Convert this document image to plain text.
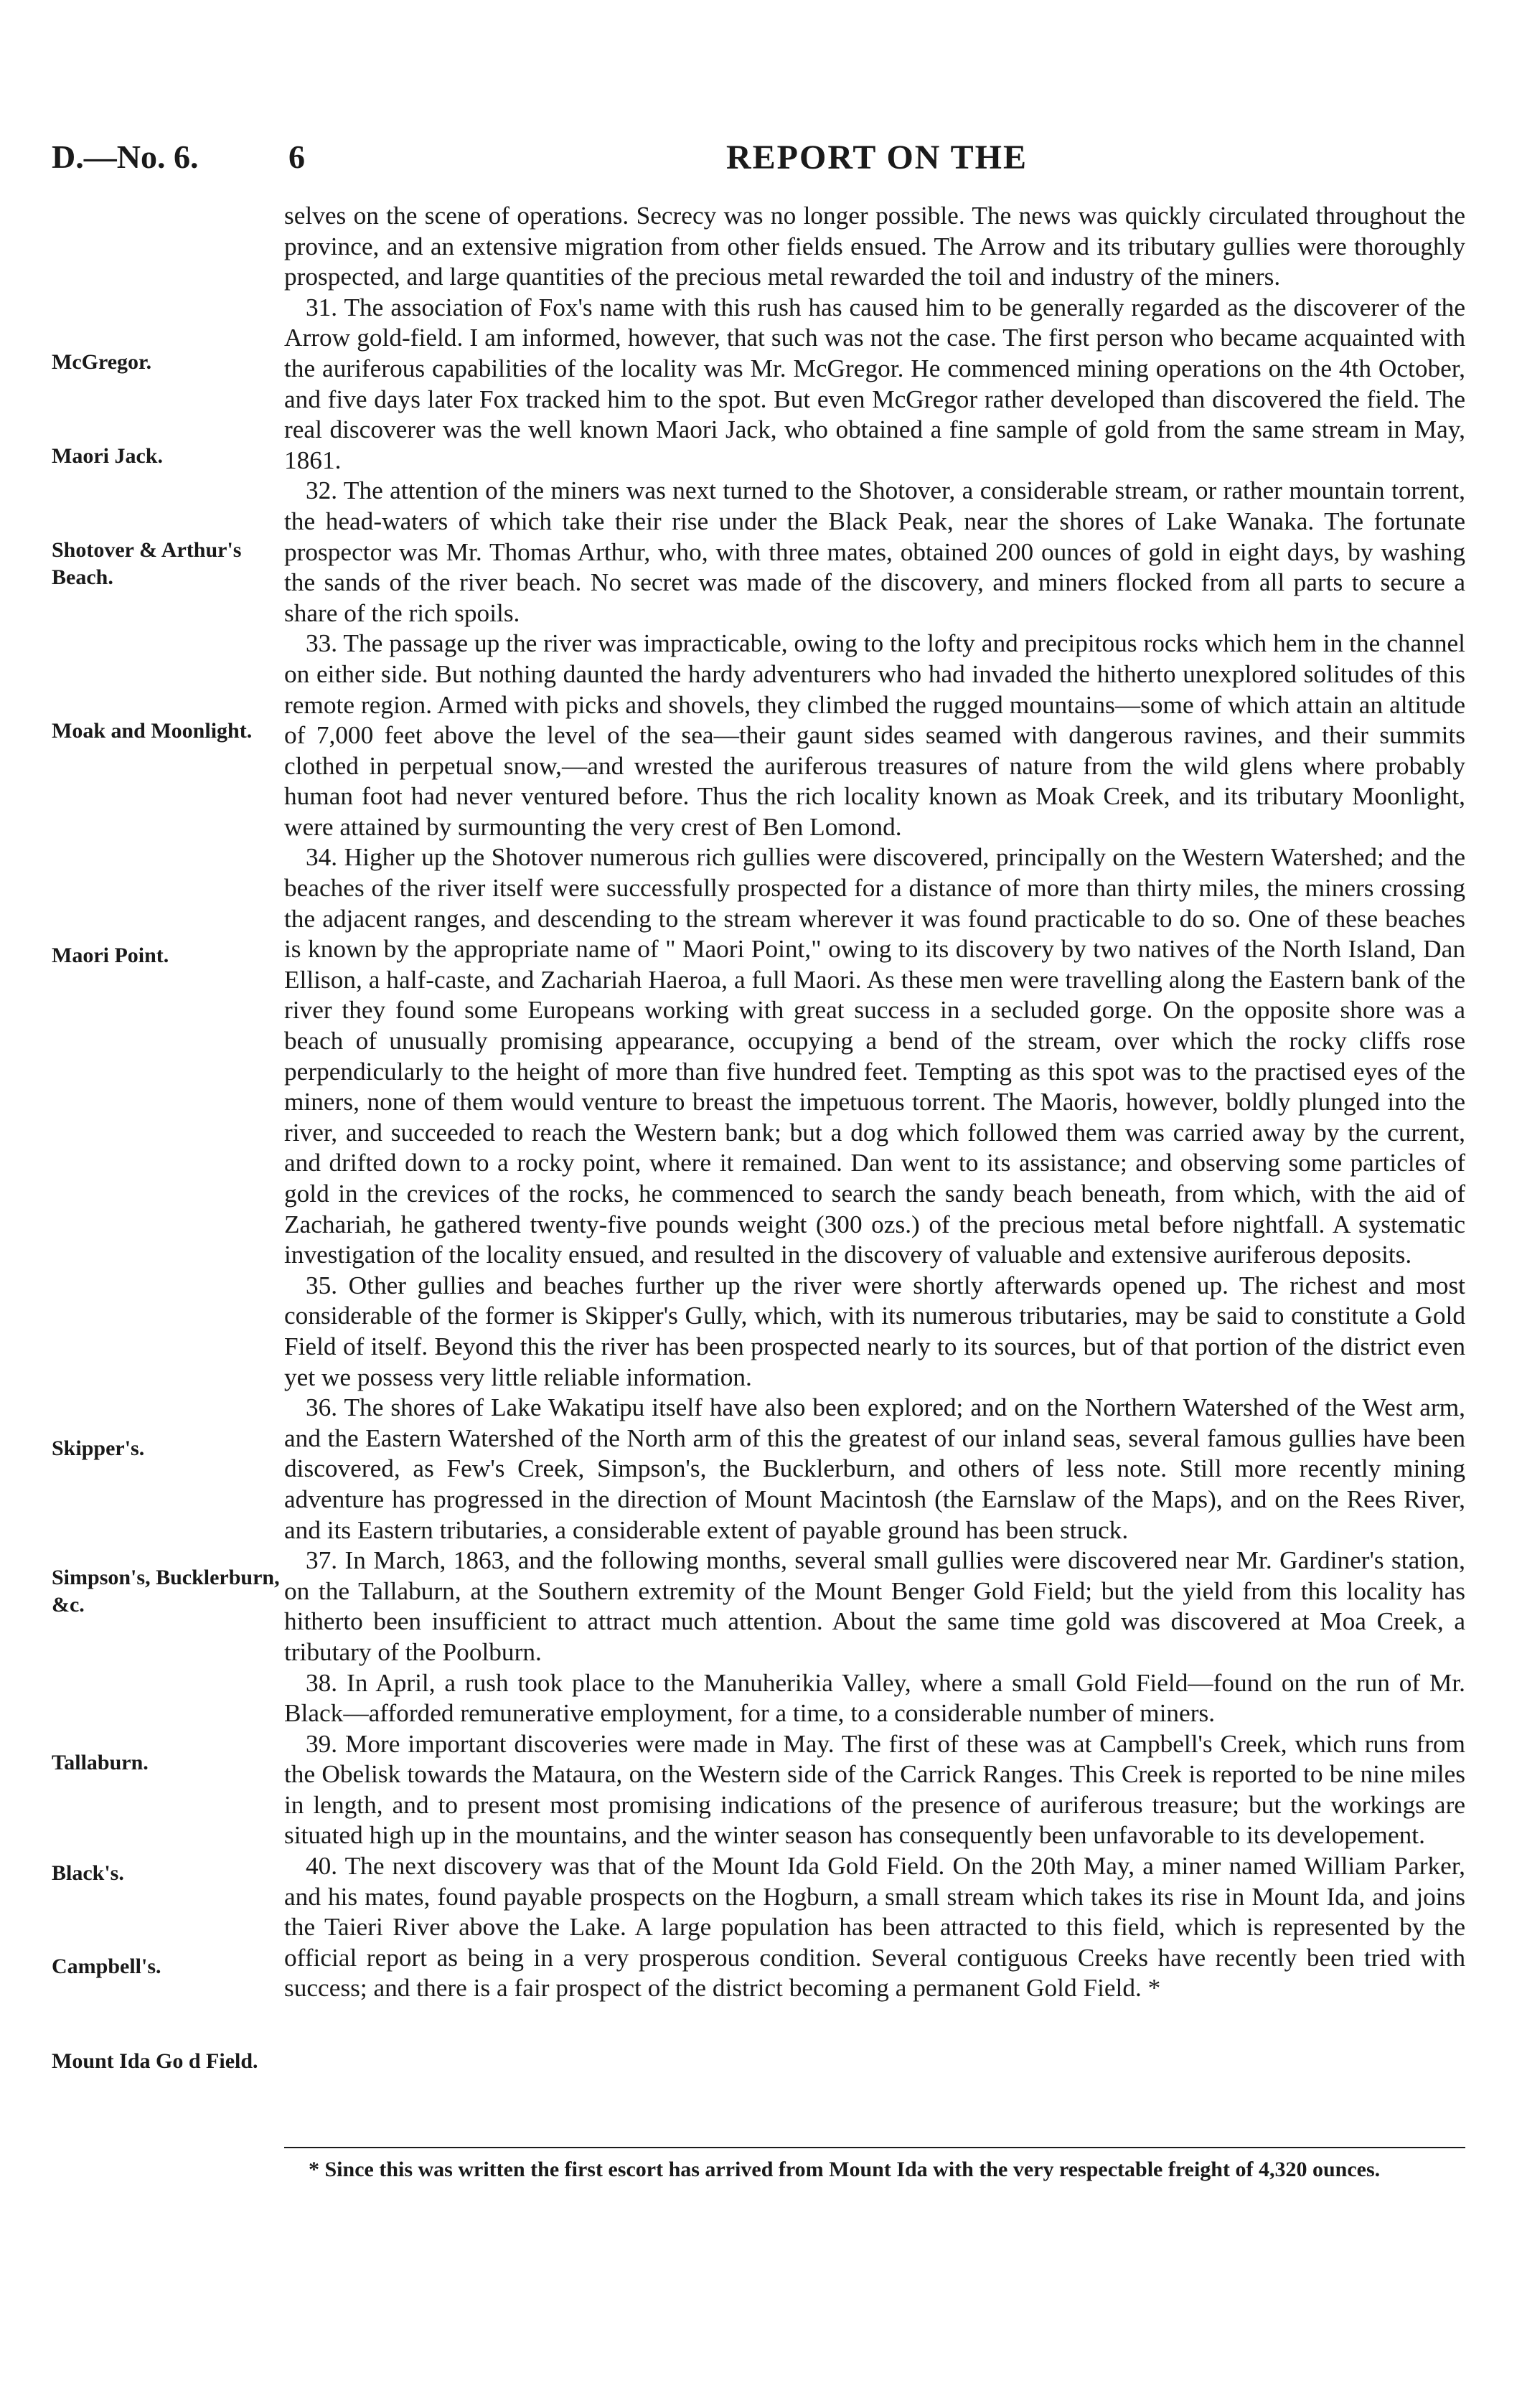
D.—No. 6.	6	REPORT ON THE
McGregor.
Maori Jack.
Shotover & Arthur's Beach.
Moak and Moonlight.
Maori Point.
Skipper's.
Simpson's, Bucklerburn, &c.
Tallaburn.
Black's.
Campbell's.
Mount Ida Go d Field.

selves on the scene of operations. Secrecy was no longer possible. The news was quickly circulated throughout the province, and an extensive migration from other fields ensued. The Arrow and its tributary gullies were thoroughly prospected, and large quantities of the precious metal rewarded the toil and industry of the miners.

31. The association of Fox's name with this rush has caused him to be generally regarded as the discoverer of the Arrow gold-field. I am informed, however, that such was not the case. The first person who became acquainted with the auriferous capabilities of the locality was Mr. McGregor. He commenced mining operations on the 4th October, and five days later Fox tracked him to the spot. But even McGregor rather developed than discovered the field. The real discoverer was the well known Maori Jack, who obtained a fine sample of gold from the same stream in May, 1861.

32. The attention of the miners was next turned to the Shotover, a considerable stream, or rather mountain torrent, the head-waters of which take their rise under the Black Peak, near the shores of Lake Wanaka. The fortunate prospector was Mr. Thomas Arthur, who, with three mates, obtained 200 ounces of gold in eight days, by washing the sands of the river beach. No secret was made of the discovery, and miners flocked from all parts to secure a share of the rich spoils.

33. The passage up the river was impracticable, owing to the lofty and precipitous rocks which hem in the channel on either side. But nothing daunted the hardy adventurers who had invaded the hitherto unexplored solitudes of this remote region. Armed with picks and shovels, they climbed the rugged mountains—some of which attain an altitude of 7,000 feet above the level of the sea—their gaunt sides seamed with dangerous ravines, and their summits clothed in perpetual snow,—and wrested the auriferous treasures of nature from the wild glens where probably human foot had never ventured before. Thus the rich locality known as Moak Creek, and its tributary Moonlight, were attained by surmounting the very crest of Ben Lomond.

34. Higher up the Shotover numerous rich gullies were discovered, principally on the Western Watershed; and the beaches of the river itself were successfully prospected for a distance of more than thirty miles, the miners crossing the adjacent ranges, and descending to the stream wherever it was found practicable to do so. One of these beaches is known by the appropriate name of " Maori Point," owing to its discovery by two natives of the North Island, Dan Ellison, a half-caste, and Zachariah Haeroa, a full Maori. As these men were travelling along the Eastern bank of the river they found some Europeans working with great success in a secluded gorge. On the opposite shore was a beach of unusually promising appearance, occupying a bend of the stream, over which the rocky cliffs rose perpendicularly to the height of more than five hundred feet. Tempting as this spot was to the practised eyes of the miners, none of them would venture to breast the impetuous torrent. The Maoris, however, boldly plunged into the river, and succeeded to reach the Western bank; but a dog which followed them was carried away by the current, and drifted down to a rocky point, where it remained. Dan went to its assistance; and observing some particles of gold in the crevices of the rocks, he commenced to search the sandy beach beneath, from which, with the aid of Zachariah, he gathered twenty-five pounds weight (300 ozs.) of the precious metal before nightfall. A systematic investigation of the locality ensued, and resulted in the discovery of valuable and extensive auriferous deposits.

35. Other gullies and beaches further up the river were shortly afterwards opened up. The richest and most considerable of the former is Skipper's Gully, which, with its numerous tributaries, may be said to constitute a Gold Field of itself. Beyond this the river has been prospected nearly to its sources, but of that portion of the district even yet we possess very little reliable information.

36. The shores of Lake Wakatipu itself have also been explored; and on the Northern Watershed of the West arm, and the Eastern Watershed of the North arm of this the greatest of our inland seas, several famous gullies have been discovered, as Few's Creek, Simpson's, the Bucklerburn, and others of less note. Still more recently mining adventure has progressed in the direction of Mount Macintosh (the Earnslaw of the Maps), and on the Rees River, and its Eastern tributaries, a considerable extent of payable ground has been struck.

37. In March, 1863, and the following months, several small gullies were discovered near Mr. Gardiner's station, on the Tallaburn, at the Southern extremity of the Mount Benger Gold Field; but the yield from this locality has hitherto been insufficient to attract much attention. About the same time gold was discovered at Moa Creek, a tributary of the Poolburn.

38. In April, a rush took place to the Manuherikia Valley, where a small Gold Field—found on the run of Mr. Black—afforded remunerative employment, for a time, to a considerable number of miners.

39. More important discoveries were made in May. The first of these was at Campbell's Creek, which runs from the Obelisk towards the Mataura, on the Western side of the Carrick Ranges. This Creek is reported to be nine miles in length, and to present most promising indications of the presence of auriferous treasure; but the workings are situated high up in the mountains, and the winter season has consequently been unfavorable to its developement.

40. The next discovery was that of the Mount Ida Gold Field. On the 20th May, a miner named William Parker, and his mates, found payable prospects on the Hogburn, a small stream which takes its rise in Mount Ida, and joins the Taieri River above the Lake. A large population has been attracted to this field, which is represented by the official report as being in a very prosperous condition. Several contiguous Creeks have recently been tried with success; and there is a fair prospect of the district becoming a permanent Gold Field. *

* Since this was written the first escort has arrived from Mount Ida with the very respectable freight of 4,320 ounces.
